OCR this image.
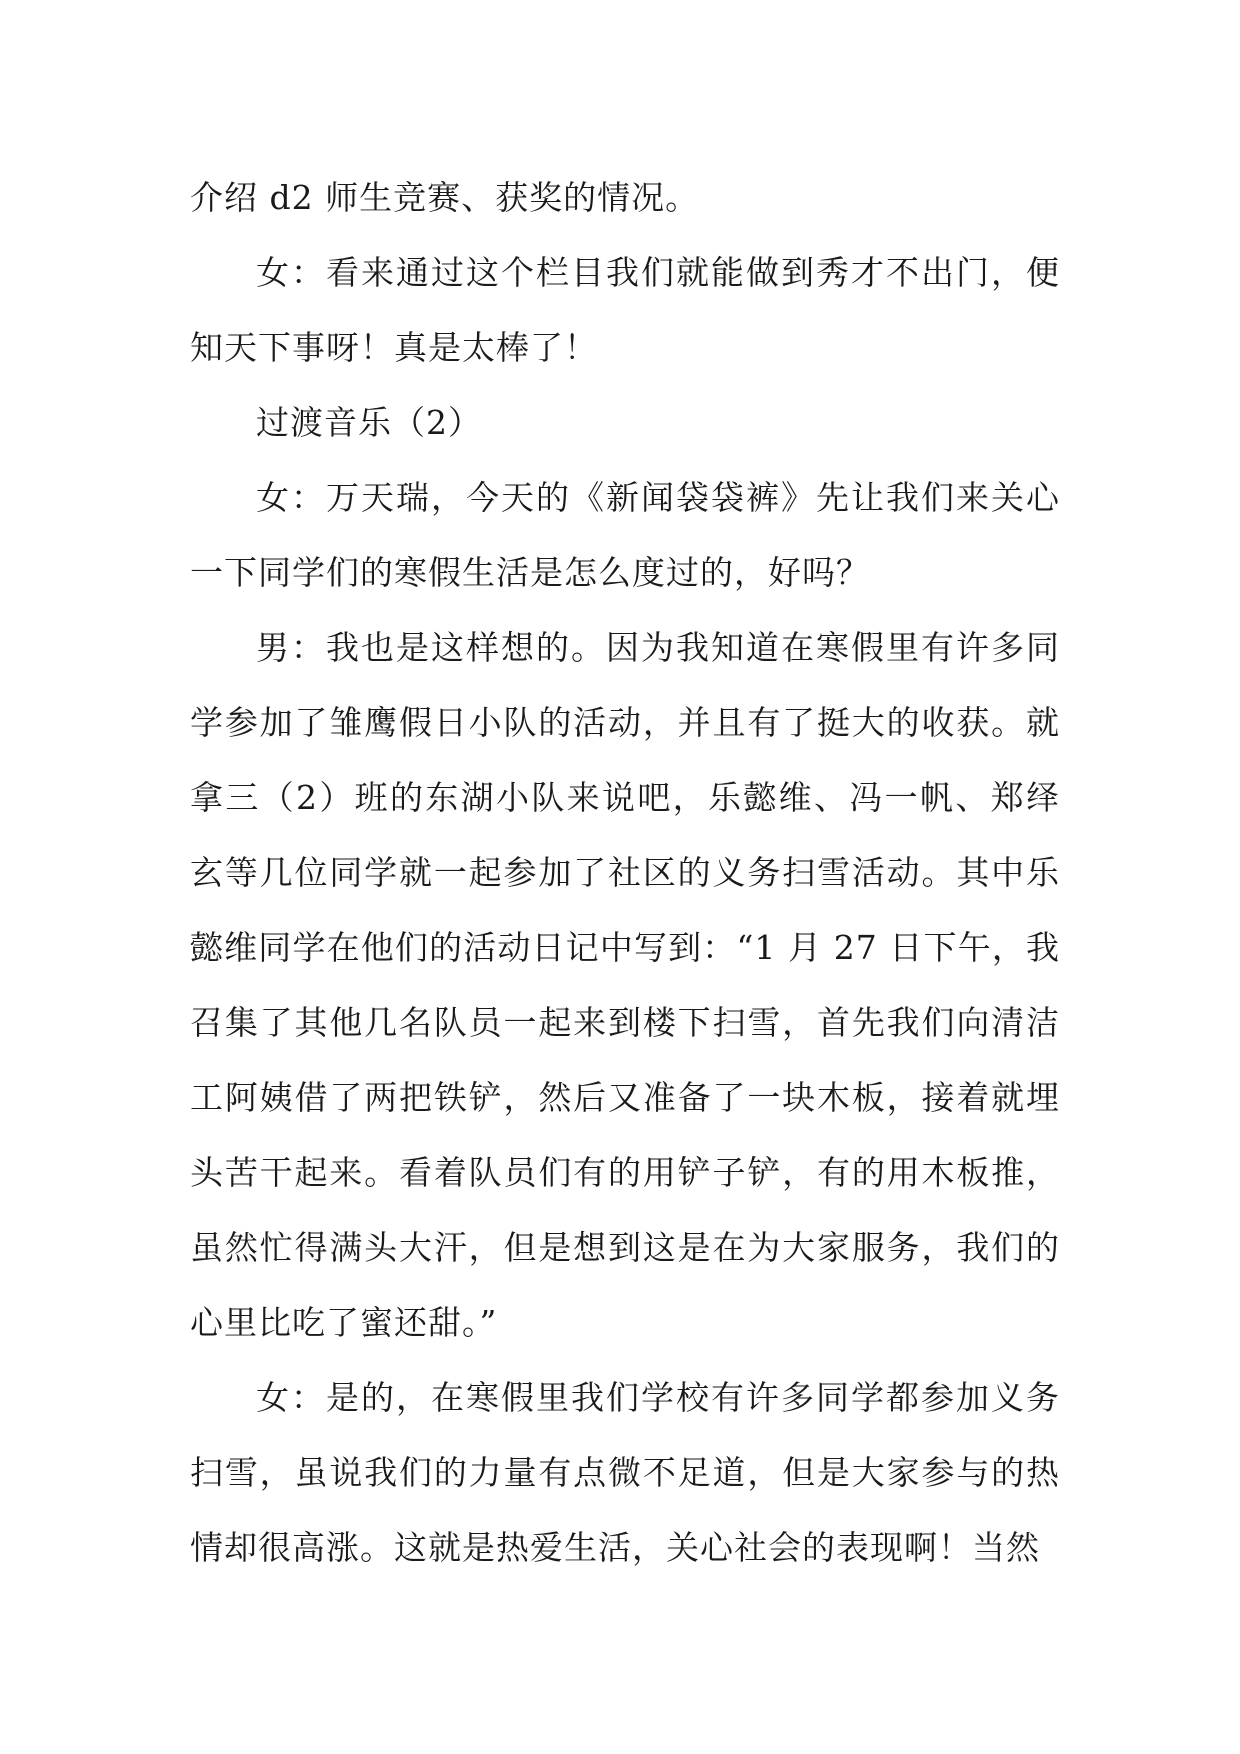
介绍 d2 师生竞赛、获奖的情况。

女：看来通过这个栏目我们就能做到秀才不出门，便知天下事呀！真是太棒了！

过渡音乐（2）

女：万天瑞，今天的《新闻袋袋裤》先让我们来关心一下同学们的寒假生活是怎么度过的，好吗？

男：我也是这样想的。因为我知道在寒假里有许多同学参加了雏鹰假日小队的活动，并且有了挺大的收获。就拿三（2）班的东湖小队来说吧，乐懿维、冯一帆、郑绎玄等几位同学就一起参加了社区的义务扫雪活动。其中乐懿维同学在他们的活动日记中写到：“1 月 27 日下午，我召集了其他几名队员一起来到楼下扫雪，首先我们向清洁工阿姨借了两把铁铲，然后又准备了一块木板，接着就埋头苦干起来。看着队员们有的用铲子铲，有的用木板推，虽然忙得满头大汗，但是想到这是在为大家服务，我们的心里比吃了蜜还甜。”

女：是的，在寒假里我们学校有许多同学都参加义务扫雪，虽说我们的力量有点微不足道，但是大家参与的热情却很高涨。这就是热爱生活，关心社会的表现啊！当然
